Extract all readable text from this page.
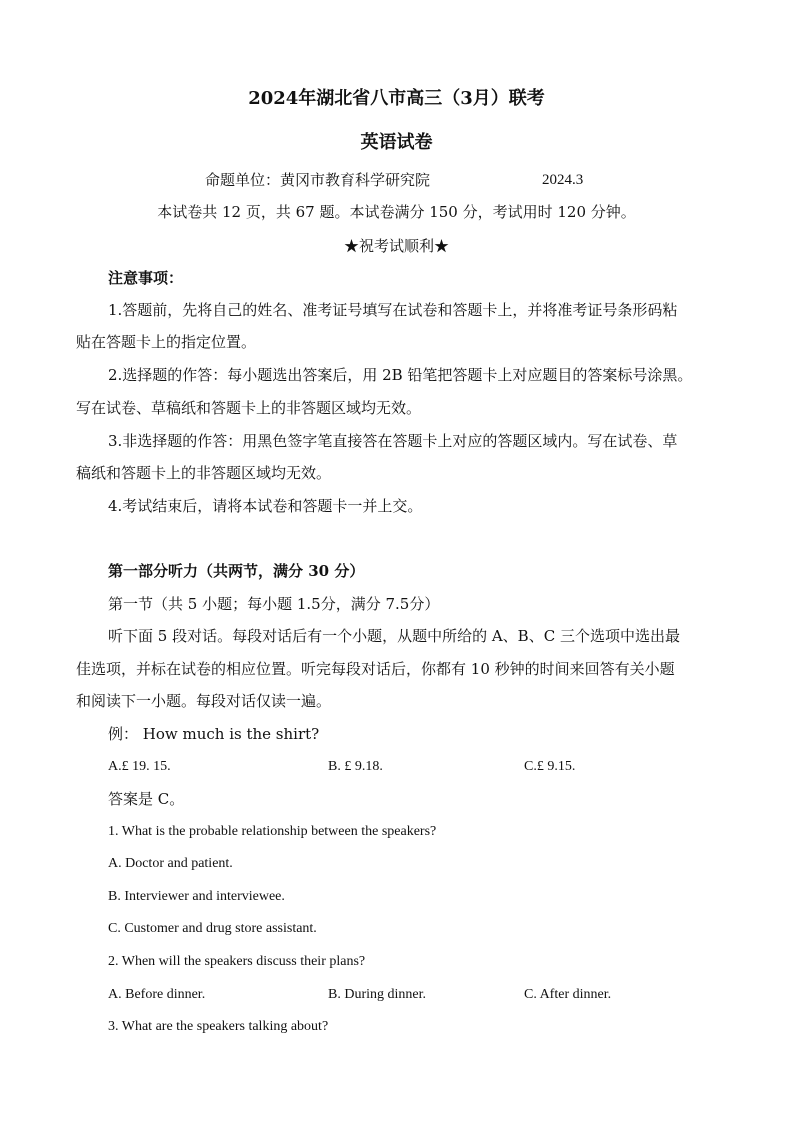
2024年湖北省八市高三（3月）联考
英语试卷
命题单位：黄冈市教育科学研究院	2024.3
本试卷共 12 页，共 67 题。本试卷满分 150 分，考试用时 120 分钟。
★祝考试顺利★
注意事项：
1.答题前，先将自己的姓名、准考证号填写在试卷和答题卡上，并将准考证号条形码粘
贴在答题卡上的指定位置。
2.选择题的作答：每小题选出答案后，用 2B 铅笔把答题卡上对应题目的答案标号涂黑。
写在试卷、草稿纸和答题卡上的非答题区域均无效。
3.非选择题的作答：用黑色签字笔直接答在答题卡上对应的答题区域内。写在试卷、草
稿纸和答题卡上的非答题区域均无效。
4.考试结束后，请将本试卷和答题卡一并上交。
第一部分听力（共两节，满分 30 分）
第一节（共 5 小题；每小题 1.5分，满分 7.5分）
听下面 5 段对话。每段对话后有一个小题，从题中所给的 A、B、C 三个选项中选出最
佳选项，并标在试卷的相应位置。听完每段对话后，你都有 10 秒钟的时间来回答有关小题
和阅读下一小题。每段对话仅读一遍。
例： How much is the shirt?
A.£ 19. 15.	B. £ 9.18.	C.£ 9.15.
答案是 C。
1. What is the probable relationship between the speakers?
A. Doctor and patient.
B. Interviewer and interviewee.
C. Customer and drug store assistant.
2. When will the speakers discuss their plans?
A. Before dinner.	B. During dinner.	C. After dinner.
3. What are the speakers talking about?
